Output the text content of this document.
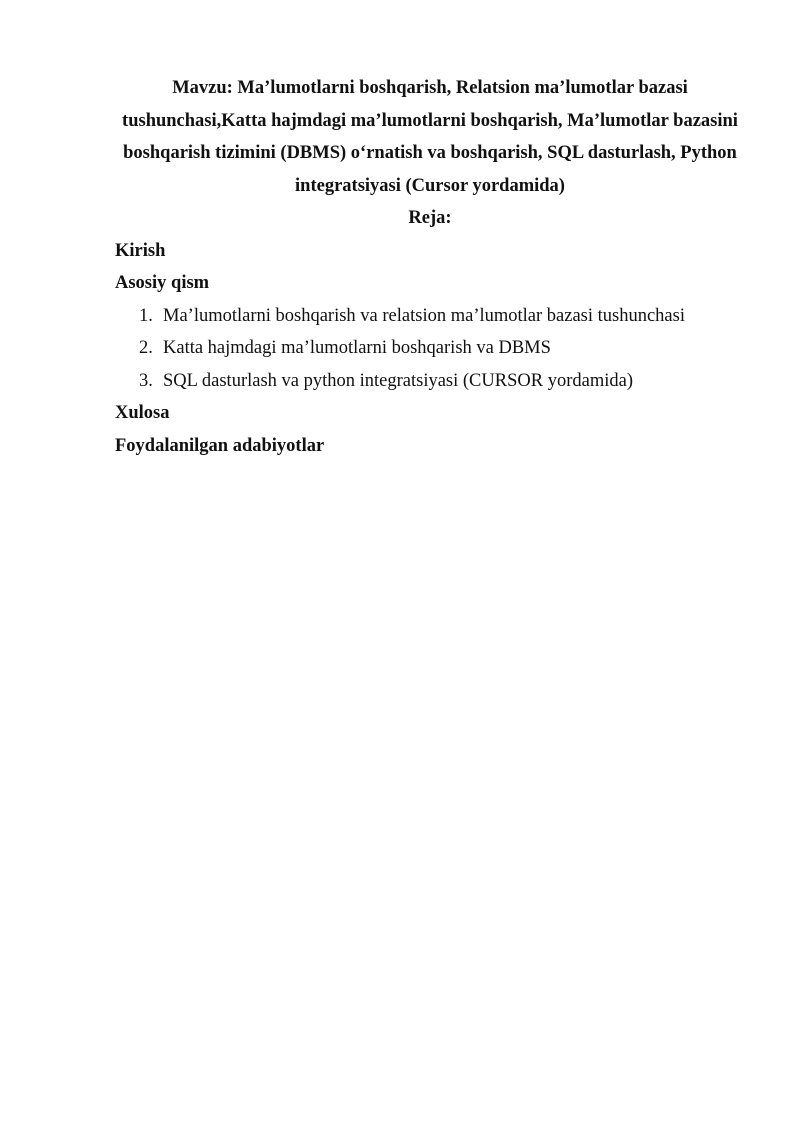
Mavzu: Ma’lumotlarni boshqarish, Relatsion ma’lumotlar bazasi tushunchasi,Katta hajmdagi ma’lumotlarni boshqarish, Ma’lumotlar bazasini boshqarish tizimini (DBMS) o‘rnatish va boshqarish, SQL dasturlash, Python integratsiyasi (Cursor yordamida)

Reja:

Kirish

Asosiy qism

1. Ma’lumotlarni boshqarish va relatsion ma’lumotlar bazasi tushunchasi
2. Katta hajmdagi ma’lumotlarni boshqarish va DBMS
3. SQL dasturlash va python integratsiyasi (CURSOR yordamida)

Xulosa

Foydalanilgan adabiyotlar
